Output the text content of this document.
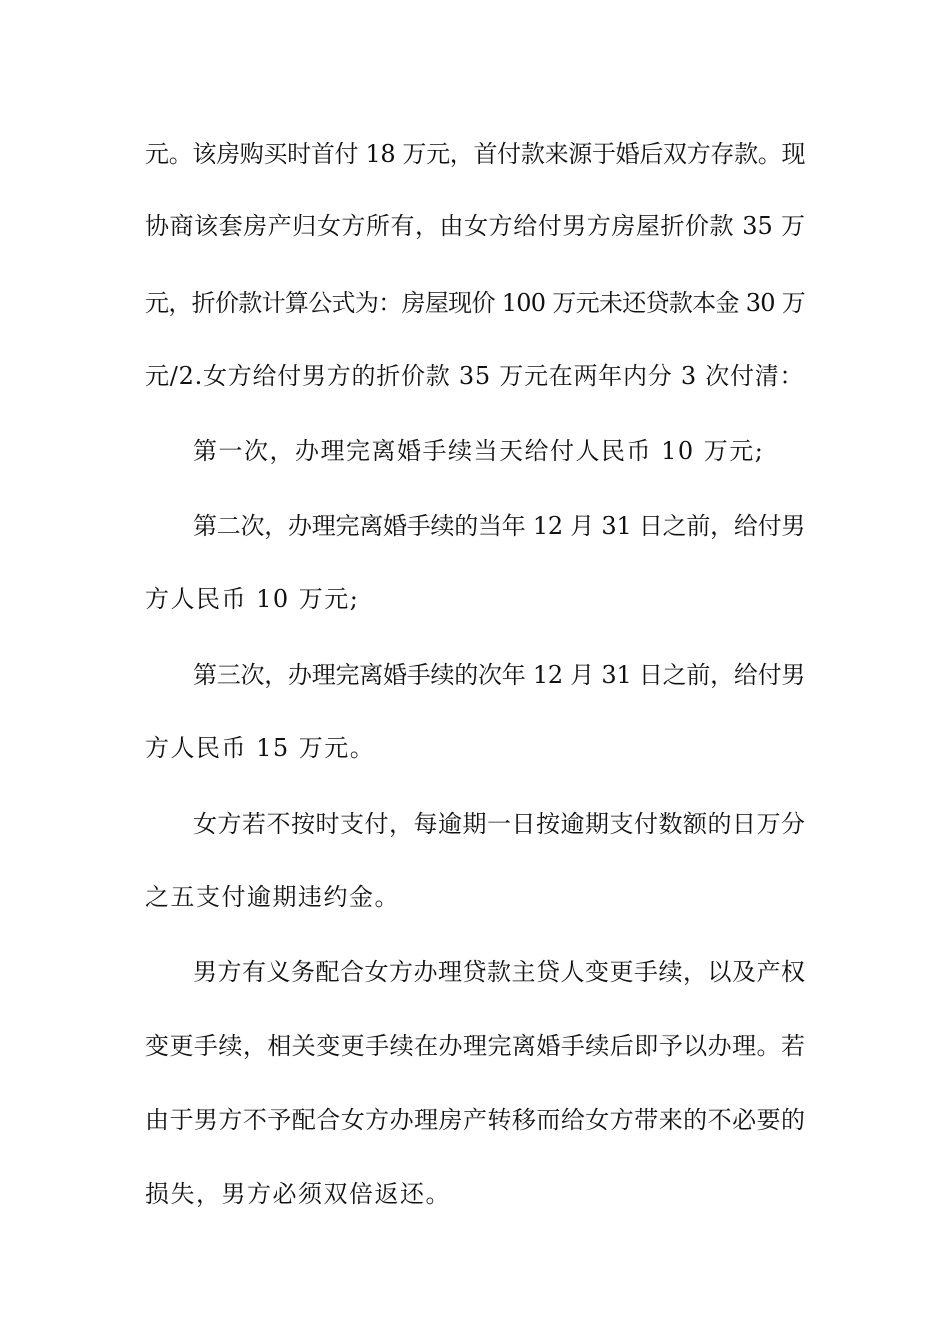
元。该房购买时首付 18 万元，首付款来源于婚后双方存款。现
协商该套房产归女方所有，由女方给付男方房屋折价款 35 万
元，折价款计算公式为：房屋现价 100 万元未还贷款本金 30 万
元/2.女方给付男方的折价款 35 万元在两年内分 3 次付清：
第一次，办理完离婚手续当天给付人民币 10 万元;
第二次，办理完离婚手续的当年 12 月 31 日之前，给付男
方人民币 10 万元;
第三次，办理完离婚手续的次年 12 月 31 日之前，给付男
方人民币 15 万元。
女方若不按时支付，每逾期一日按逾期支付数额的日万分
之五支付逾期违约金。
男方有义务配合女方办理贷款主贷人变更手续，以及产权
变更手续，相关变更手续在办理完离婚手续后即予以办理。若
由于男方不予配合女方办理房产转移而给女方带来的不必要的
损失，男方必须双倍返还。
